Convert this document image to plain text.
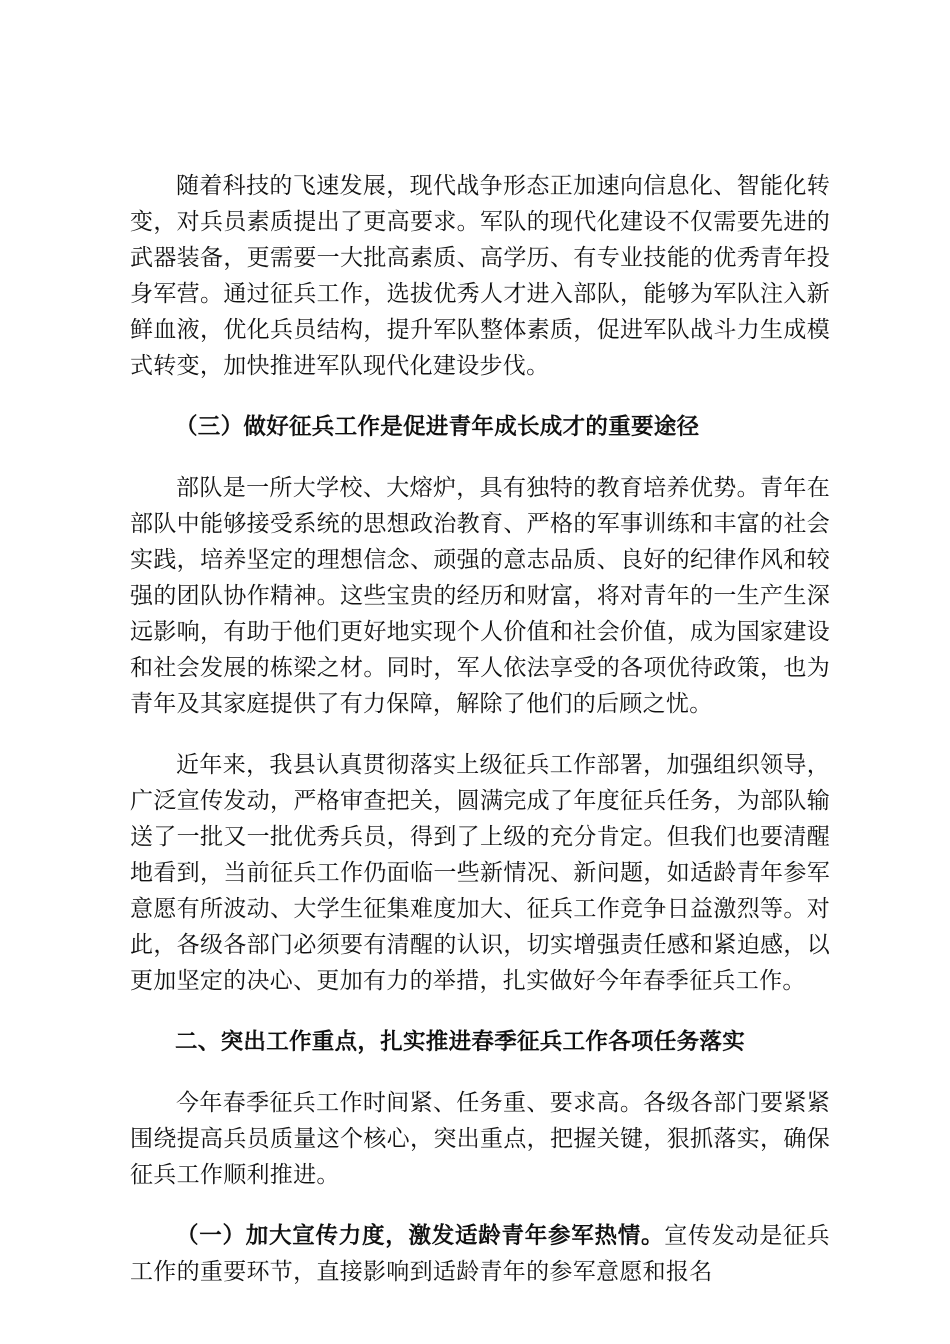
随着科技的飞速发展，现代战争形态正加速向信息化、智能化转变，对兵员素质提出了更高要求。军队的现代化建设不仅需要先进的武器装备，更需要一大批高素质、高学历、有专业技能的优秀青年投身军营。通过征兵工作，选拔优秀人才进入部队，能够为军队注入新鲜血液，优化兵员结构，提升军队整体素质，促进军队战斗力生成模式转变，加快推进军队现代化建设步伐。

（三）做好征兵工作是促进青年成长成才的重要途径

部队是一所大学校、大熔炉，具有独特的教育培养优势。青年在部队中能够接受系统的思想政治教育、严格的军事训练和丰富的社会实践，培养坚定的理想信念、顽强的意志品质、良好的纪律作风和较强的团队协作精神。这些宝贵的经历和财富，将对青年的一生产生深远影响，有助于他们更好地实现个人价值和社会价值，成为国家建设和社会发展的栋梁之材。同时，军人依法享受的各项优待政策，也为青年及其家庭提供了有力保障，解除了他们的后顾之忧。

近年来，我县认真贯彻落实上级征兵工作部署，加强组织领导，广泛宣传发动，严格审查把关，圆满完成了年度征兵任务，为部队输送了一批又一批优秀兵员，得到了上级的充分肯定。但我们也要清醒地看到，当前征兵工作仍面临一些新情况、新问题，如适龄青年参军意愿有所波动、大学生征集难度加大、征兵工作竞争日益激烈等。对此，各级各部门必须要有清醒的认识，切实增强责任感和紧迫感，以更加坚定的决心、更加有力的举措，扎实做好今年春季征兵工作。

二、突出工作重点，扎实推进春季征兵工作各项任务落实

今年春季征兵工作时间紧、任务重、要求高。各级各部门要紧紧围绕提高兵员质量这个核心，突出重点，把握关键，狠抓落实，确保征兵工作顺利推进。

（一）加大宣传力度，激发适龄青年参军热情。宣传发动是征兵工作的重要环节，直接影响到适龄青年的参军意愿和报名
